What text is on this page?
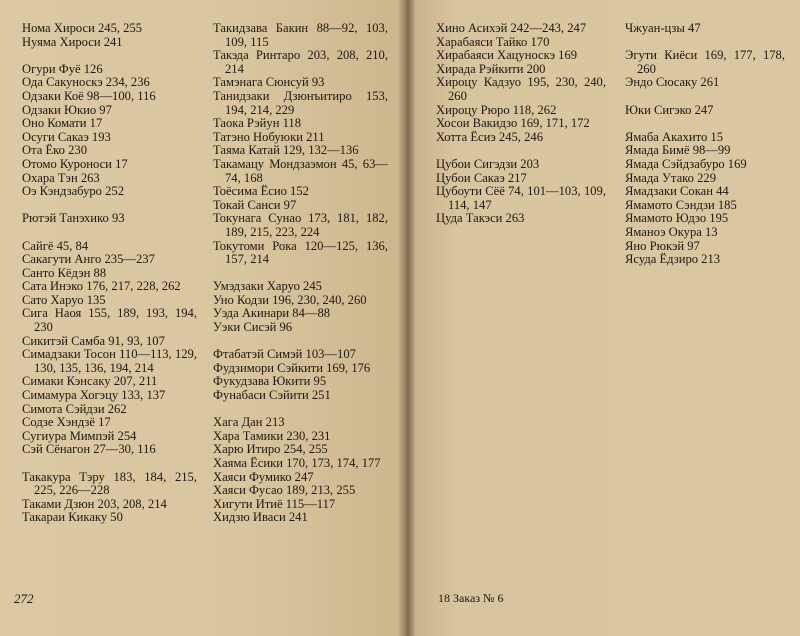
Нома Хироси 245, 255
Нуяма Хироси 241
Огури Фуё 126
Ода Сакуноскэ 234, 236
Одзаки Коё 98—100, 116
Одзаки Юкио 97
Оно Комати 17
Осуги Сакаэ 193
Ота Ёко 230
Отомо Куроноси 17
Охара Тэн 263
Оэ Кэндзабуро 252
Рютэй Танэхико 93
Сайгё 45, 84
Сакагути Анго 235—237
Санто Кёдэн 88
Сата Инэко 176, 217, 228, 262
Сато Харуо 135
Сига Наоя 155, 189, 193, 194, 230
Сикитэй Самба 91, 93, 107
Симадзаки Тосон 110—113, 129, 130, 135, 136, 194, 214
Симаки Кэнсаку 207, 211
Симамура Хогэцу 133, 137
Симота Сэйдзи 262
Содзе Хэндзё 17
Сугиура Мимпэй 254
Сэй Сёнагон 27—30, 116
Такакура Тэру 183, 184, 215, 225, 226—228
Таками Дзюн 203, 208, 214
Такараи Кикаку 50
Такидзава Бакин 88—92, 103, 109, 115
Такэда Ринтаро 203, 208, 210, 214
Тамэнага Сюнсуй 93
Танидзаки Дзюнъитиро 153, 194, 214, 229
Таока Рэйун 118
Татэно Нобуюки 211
Таяма Катай 129, 132—136
Такамацу Мондзаэмон 45, 63—74, 168
Тоёсима Ёсио 152
Токай Санси 97
Токунага Сунао 173, 181, 182, 189, 215, 223, 224
Токутоми Рока 120—125, 136, 157, 214
Умэдзаки Харуо 245
Уно Кодзи 196, 230, 240, 260
Уэда Акинари 84—88
Уэки Сисэй 96
Фтабатэй Симэй 103—107
Фудзимори Сэйкити 169, 176
Фукудзава Юкити 95
Фунабаси Сэйити 251
Хага Дан 213
Хара Тамики 230, 231
Харю Итиро 254, 255
Хаяма Ёсики 170, 173, 174, 177
Хаяси Фумико 247
Хаяси Фусао 189, 213, 255
Хигути Итиё 115—117
Хидзю Иваси 241
Хино Асихэй 242—243, 247
Харабаяси Тайко 170
Хирабаяси Хацуноскэ 169
Хирада Рэйкити 200
Хироцу Кадзуо 195, 230, 240, 260
Хироцу Рюро 118, 262
Хосои Вакидзо 169, 171, 172
Хотта Ёсиэ 245, 246
Цубои Сигэдзи 203
Цубои Сакаэ 217
Цубоути Сёё 74, 101—103, 109, 114, 147
Цуда Такэси 263
Чжуан-цзы 47
Эгути Киёси 169, 177, 178, 260
Эндо Сюсаку 261
Юки Сигэко 247
Ямаба Акахито 15
Ямада Бимё 98—99
Ямада Сэйдзабуро 169
Ямада Утако 229
Ямадзаки Сокан 44
Ямамото Сэндзи 185
Ямамото Юдзо 195
Яманоэ Окура 13
Яно Рюкэй 97
Ясуда Ёдзиро 213
272	18 Заказ № 6
